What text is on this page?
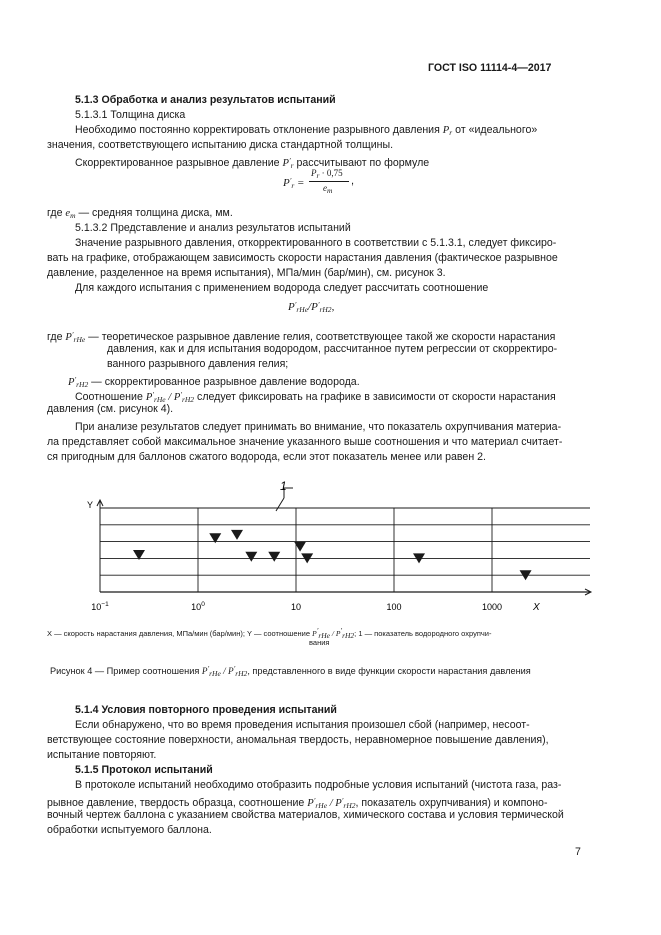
ГОСТ ISO 11114-4—2017
5.1.3 Обработка и анализ результатов испытаний
5.1.3.1 Толщина диска
Необходимо постоянно корректировать отклонение разрывного давления $P_r$ от «идеального»
значения, соответствующего испытанию диска стандартной толщины.
Скорректированное разрывное давление $P'_r$ рассчитывают по формуле
$P'_r$ =
$P_r \cdot 0,75$
$e_m$
,
где $e_m$ — средняя толщина диска, мм.
5.1.3.2 Представление и анализ результатов испытаний
Значение разрывного давления, откорректированного в соответствии с 5.1.3.1, следует фиксиро-
вать на графике, отображающем зависимость скорости нарастания давления (фактическое разрывное
давление, разделенное на время испытания), МПа/мин (бар/мин), см. рисунок 3.
Для каждого испытания с применением водорода следует рассчитать соотношение
$P'_{rHe}/P'_{rH2}$,
где $P'_{rHe}$ — теоретическое разрывное давление гелия, соответствующее такой же скорости нарастания
давления, как и для испытания водородом, рассчитанное путем регрессии от скорректиро-
ванного разрывного давления гелия;
$P'_{rH2}$ — скорректированное разрывное давление водорода.
Соотношение $P'_{rHe} / P'_{rH2}$ следует фиксировать на графике в зависимости от скорости нарастания
давления (см. рисунок 4).
При анализе результатов следует принимать во внимание, что показатель охрупчивания материа-
ла представляет собой максимальное значение указанного выше соотношения и что материал считает-
ся пригодным для баллонов сжатого водорода, если этот показатель менее или равен 2.
$10^{-1}$	$10^0$	10	100	1000
Y
X
1
X — скорость нарастания давления, МПа/мин (бар/мин); Y — соотношение P′rHe / P′rH2; 1 — показатель водородного охрупчи-
вания
Рисунок 4 — Пример соотношения $P'_{rHe} / P'_{rH2}$, представленного в виде функции скорости нарастания давления
5.1.4 Условия повторного проведения испытаний
Если обнаружено, что во время проведения испытания произошел сбой (например, несоот-
ветствующее состояние поверхности, аномальная твердость, неравномерное повышение давления),
испытание повторяют.
5.1.5 Протокол испытаний
В протоколе испытаний необходимо отобразить подробные условия испытаний (чистота газа, раз-
рывное давление, твердость образца, соотношение $P'_{rHe} / P'_{rH2}$, показатель охрупчивания) и компоно-
вочный чертеж баллона с указанием свойства материалов, химического состава и условия термической
обработки испытуемого баллона.
7
